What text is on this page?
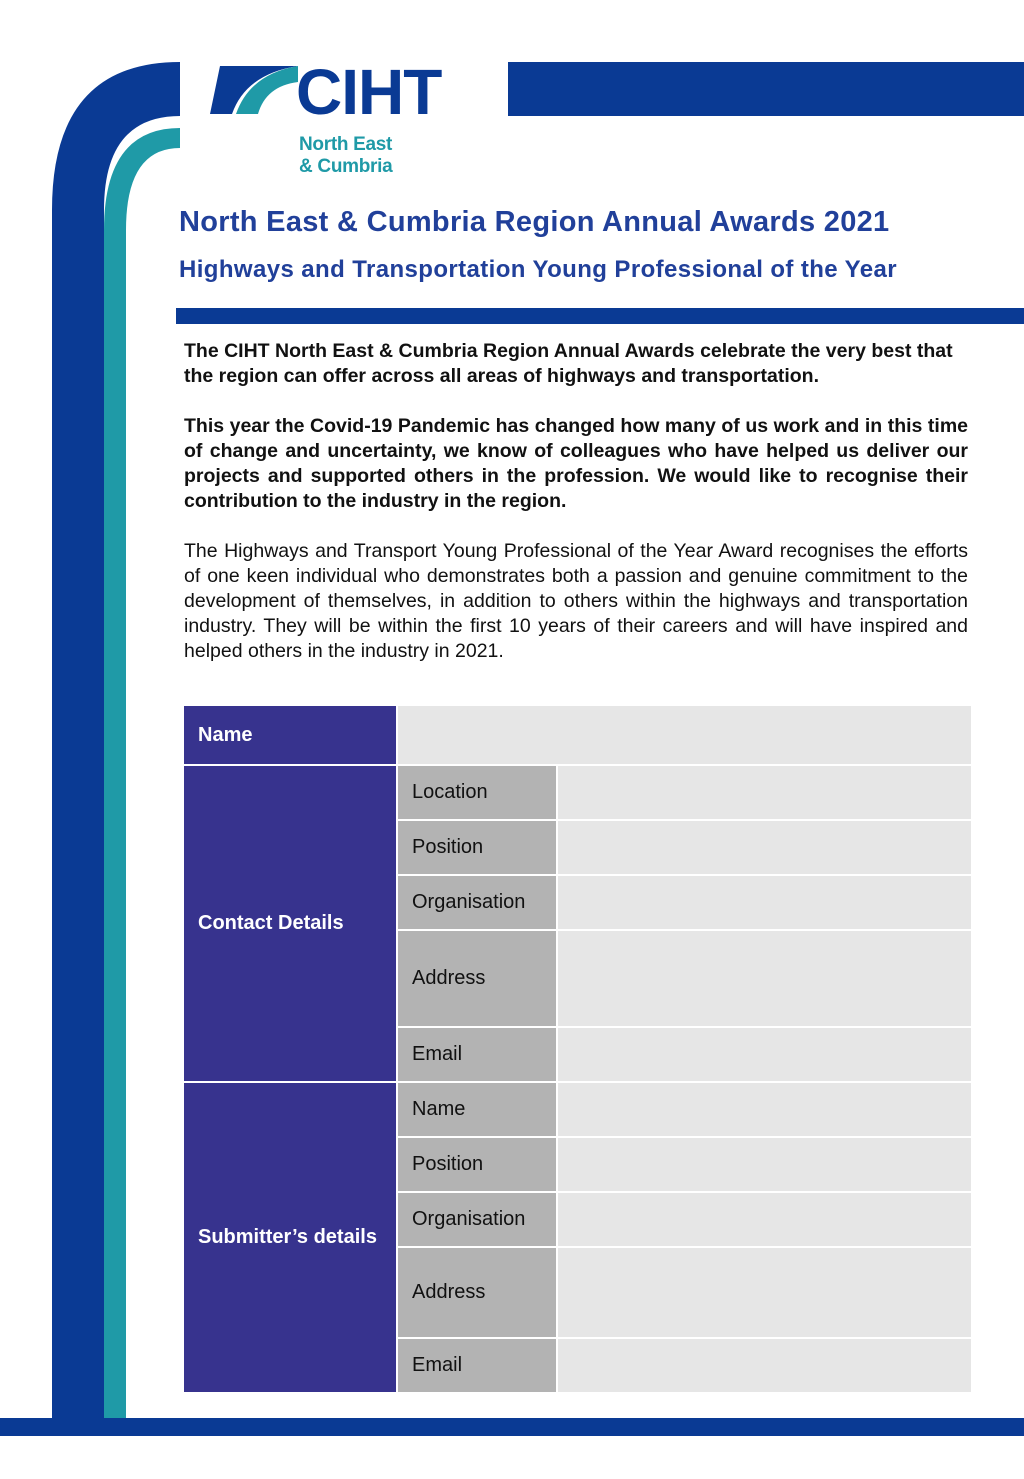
CIHT
North East
& Cumbria
North East & Cumbria Region Annual Awards 2021
Highways and Transportation Young Professional of the Year

The CIHT North East & Cumbria Region Annual Awards celebrate the very best that the region can offer across all areas of highways and transportation.

This year the Covid-19 Pandemic has changed how many of us work and in this time of change and uncertainty, we know of colleagues who have helped us deliver our projects and supported others in the profession. We would like to recognise their contribution to the industry in the region.

The Highways and Transport Young Professional of the Year Award recognises the efforts of one keen individual who demonstrates both a passion and genuine commitment to the development of themselves, in addition to others within the highways and transportation industry. They will be within the first 10 years of their careers and will have inspired and helped others in the industry in 2021.

Name		
Contact Details	Location	
	Position	
	Organisation	
	Address	
	Email	
Submitter’s details	Name	
	Position	
	Organisation	
	Address	
	Email	
